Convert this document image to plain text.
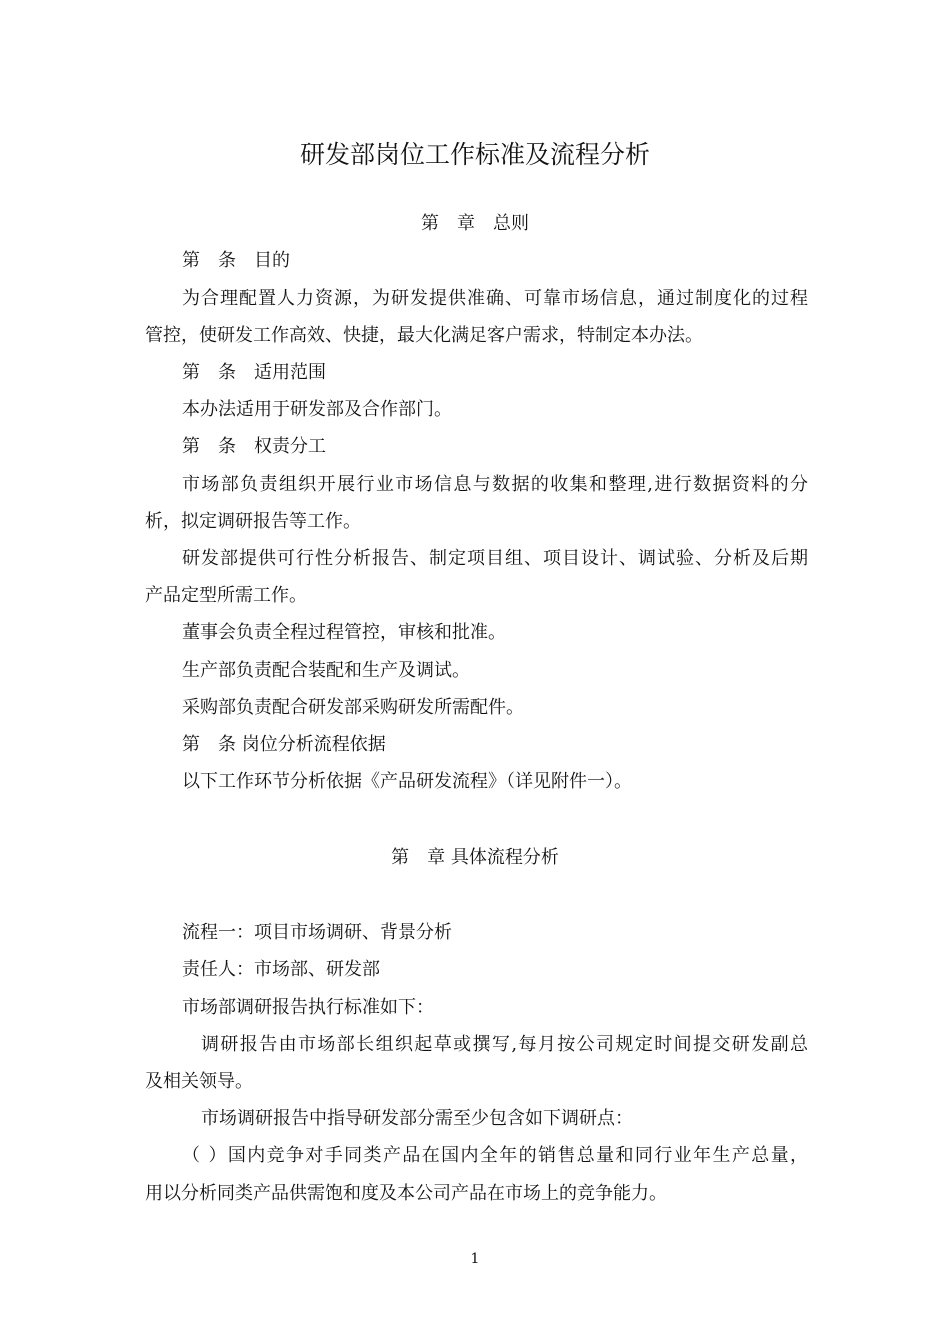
研发部岗位工作标准及流程分析
第　章　总则
第　条　目的
为合理配置人力资源，为研发提供准确、可靠市场信息，通过制度化的过程
管控，使研发工作高效、快捷，最大化满足客户需求，特制定本办法。
第　条　适用范围
本办法适用于研发部及合作部门。
第　条　权责分工
市场部负责组织开展行业市场信息与数据的收集和整理,进行数据资料的分
析，拟定调研报告等工作。
研发部提供可行性分析报告、制定项目组、项目设计、调试验、分析及后期
产品定型所需工作。
董事会负责全程过程管控，审核和批准。
生产部负责配合装配和生产及调试。
采购部负责配合研发部采购研发所需配件。
第　条 岗位分析流程依据
以下工作环节分析依据《产品研发流程》（详见附件一）。
第　章 具体流程分析
流程一：项目市场调研、背景分析
责任人：市场部、研发部
市场部调研报告执行标准如下：
调研报告由市场部长组织起草或撰写,每月按公司规定时间提交研发副总
及相关领导。
市场调研报告中指导研发部分需至少包含如下调研点：
（ ）国内竞争对手同类产品在国内全年的销售总量和同行业年生产总量，
用以分析同类产品供需饱和度及本公司产品在市场上的竞争能力。
1
